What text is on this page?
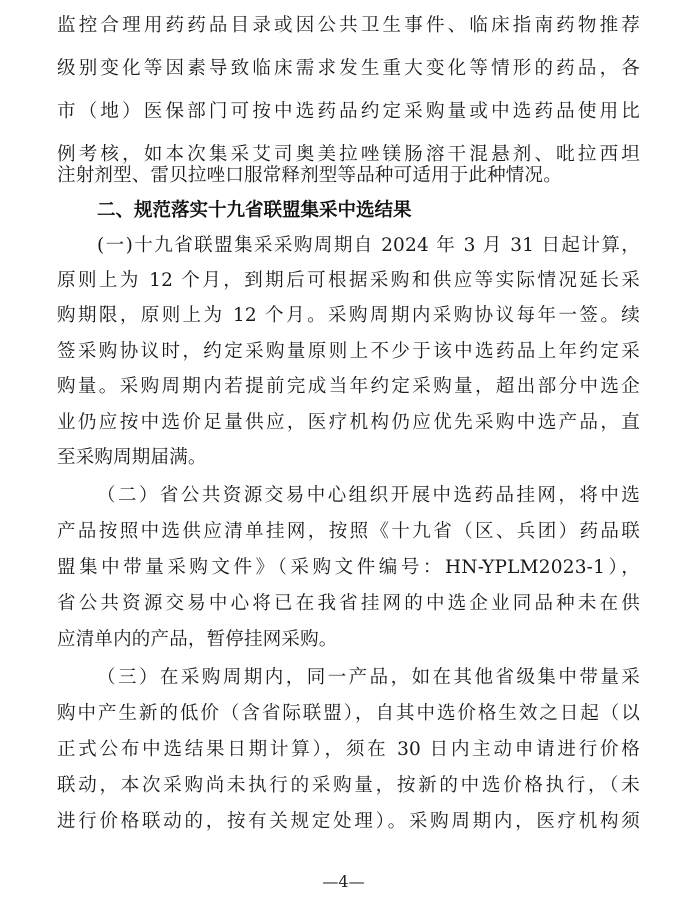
监控合理用药药品目录或因公共卫生事件、临床指南药物推荐
级别变化等因素导致临床需求发生重大变化等情形的药品，各
市（地）医保部门可按中选药品约定采购量或中选药品使用比
例考核，如本次集采艾司奥美拉唑镁肠溶干混悬剂、吡拉西坦
注射剂型、雷贝拉唑口服常释剂型等品种可适用于此种情况。
二、规范落实十九省联盟集采中选结果
(一)十九省联盟集采采购周期自 2024 年 3 月 31 日起计算，
原则上为 12 个月，到期后可根据采购和供应等实际情况延长采
购期限，原则上为 12 个月。采购周期内采购协议每年一签。续
签采购协议时，约定采购量原则上不少于该中选药品上年约定采
购量。采购周期内若提前完成当年约定采购量，超出部分中选企
业仍应按中选价足量供应，医疗机构仍应优先采购中选产品，直
至采购周期届满。
（二）省公共资源交易中心组织开展中选药品挂网，将中选
产品按照中选供应清单挂网，按照《十九省（区、兵团）药品联
盟集中带量采购文件》（采购文件编号：HN-YPLM2023-1），
省公共资源交易中心将已在我省挂网的中选企业同品种未在供
应清单内的产品，暂停挂网采购。
（三）在采购周期内，同一产品，如在其他省级集中带量采
购中产生新的低价（含省际联盟），自其中选价格生效之日起（以
正式公布中选结果日期计算），须在 30 日内主动申请进行价格
联动，本次采购尚未执行的采购量，按新的中选价格执行，（未
进行价格联动的，按有关规定处理）。采购周期内，医疗机构须
—4—
